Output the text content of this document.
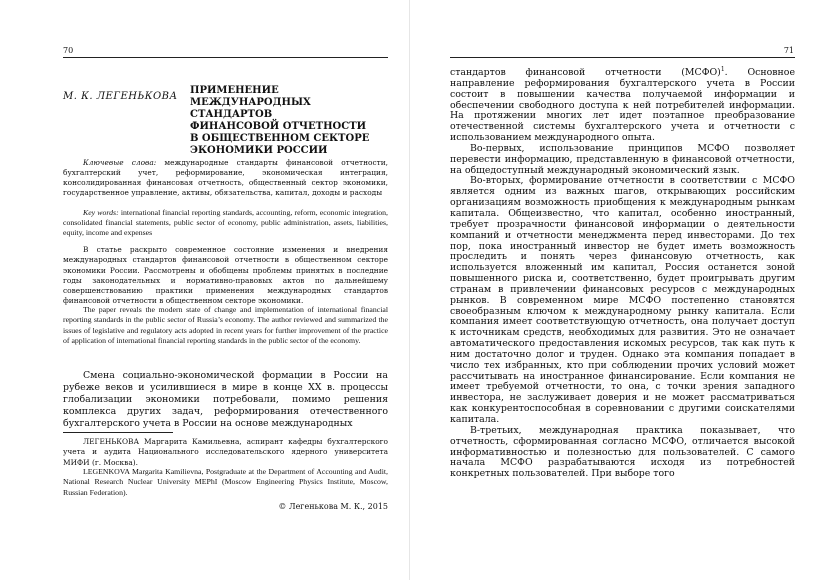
70
М. К. ЛЕГЕНЬКОВА
ПРИМЕНЕНИЕ
МЕЖДУНАРОДНЫХ
СТАНДАРТОВ
ФИНАНСОВОЙ ОТЧЕТНОСТИ
В ОБЩЕСТВЕННОМ СЕКТОРЕ
ЭКОНОМИКИ РОССИИ
Ключевые слова: международные стандарты финансовой отчетности, бухгалтерский учет, реформирование, экономическая интеграция, консолидированная финансовая отчетность, общественный сектор экономики, государственное управление, активы, обязательства, капитал, доходы и расходы
Key words: international financial reporting standards, accounting, reform, economic integration, consolidated financial statements, public sector of economy, public administration, assets, liabilities, equity, income and expenses
В статье раскрыто современное состояние изменения и внедрения международных стандартов финансовой отчетности в общественном секторе экономики России. Рассмотрены и обобщены проблемы принятых в последние годы законодательных и нормативно-правовых актов по дальнейшему совершенствованию практики применения международных стандартов финансовой отчетности в общественном секторе экономики.
The paper reveals the modern state of change and implementation of international financial reporting standards in the public sector of Russia’s economy. The author reviewed and summarized the issues of legislative and regulatory acts adopted in recent years for further improvement of the practice of application of international financial reporting standards in the public sector of the economy.
Смена социально-экономической формации в России на рубеже веков и усилившиеся в мире в конце XX в. процессы глобализации экономики потребовали, помимо решения комплекса других задач, реформирования отечественного бухгалтерского учета в России на основе международных
ЛЕГЕНЬКОВА Маргарита Камильевна, аспирант кафедры бухгалтерского учета и аудита Национального исследовательского ядерного университета МИФИ (г. Москва).
LEGENKOVA Margarita Kamilievna, Postgraduate at the Department of Accounting and Audit, National Research Nuclear University MEPhI (Moscow Engineering Physics Institute, Moscow, Russian Federation).
© Легенькова М. К., 2015
71

стандартов финансовой отчетности (МСФО)$^1$. Основное направление реформирования бухгалтерского учета в России состоит в повышении качества получаемой информации и обеспечении свободного доступа к ней потребителей информации. На протяжении многих лет идет поэтапное преобразование отечественной системы бухгалтерского учета и отчетности с использованием международного опыта.

Во-первых, использование принципов МСФО позволяет перевести информацию, представленную в финансовой отчетности, на общедоступный международный экономический язык.

Во-вторых, формирование отчетности в соответствии с МСФО является одним из важных шагов, открывающих российским организациям возможность приобщения к международным рынкам капитала. Общеизвестно, что капитал, особенно иностранный, требует прозрачности финансовой информации о деятельности компаний и отчетности менеджмента перед инвесторами. До тех пор, пока иностранный инвестор не будет иметь возможность проследить и понять через финансовую отчетность, как используется вложенный им капитал, Россия останется зоной повышенного риска и, соответственно, будет проигрывать другим странам в привлечении финансовых ресурсов с международных рынков. В современном мире МСФО постепенно становятся своеобразным ключом к международному рынку капитала. Если компания имеет соответствующую отчетность, она получает доступ к источникам средств, необходимых для развития. Это не означает автоматического предоставления искомых ресурсов, так как путь к ним достаточно долог и труден. Однако эта компания попадает в число тех избранных, кто при соблюдении прочих условий может рассчитывать на иностранное финансирование. Если компания не имеет требуемой отчетности, то она, с точки зрения западного инвестора, не заслуживает доверия и не может рассматриваться как конкурентоспособная в соревновании с другими соискателями капитала.

В-третьих, международная практика показывает, что отчетность, сформированная согласно МСФО, отличается высокой информативностью и полезностью для пользователей. С самого начала МСФО разрабатываются исходя из потребностей конкретных пользователей. При выборе того
